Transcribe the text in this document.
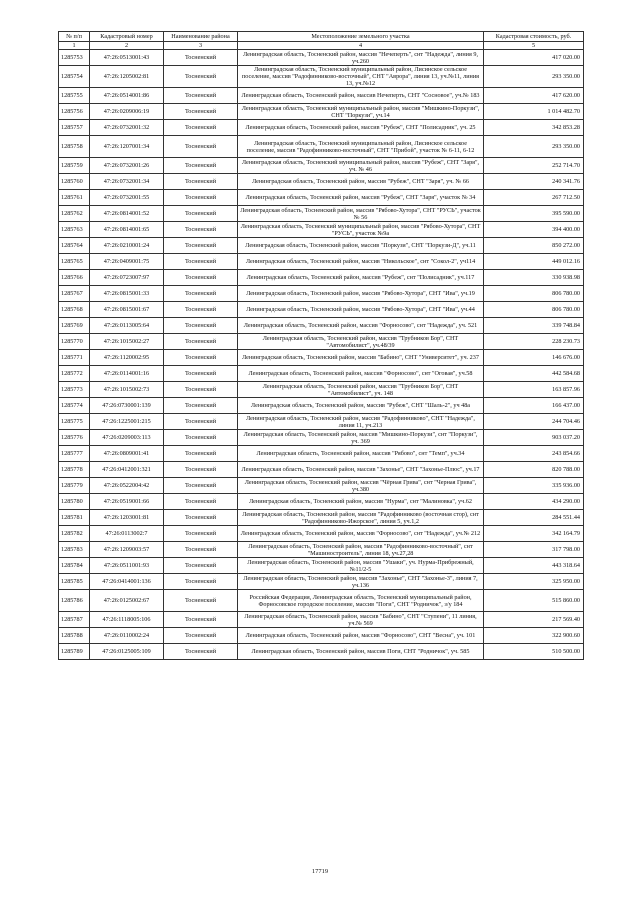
№ п/п	Кадастровый номер	Наименование района	Местоположение земельного участка	Кадастровая стоимость, руб.
1	2	3	4	5
1285753	47:26:0513001:43	Тосненский	Ленинградская область, Тосненский район, массив "Нечеперть", снт "Надежда", линия 9, уч.260	417 020.00
1285754	47:26:1205002:81	Тосненский	Ленинградская область, Тосненский муниципальный район, Лисинское сельское поселение, массив "Радофинниково-восточный", СНТ "Аврора", линия 13, уч.№11, линия 13, уч.№12	293 350.00
1285755	47:26:0514001:86	Тосненский	Ленинградская область, Тосненский район, массив Нечеперть, СНТ "Сосновое", уч.№ 183	417 620.00
1285756	47:26:0209006:19	Тосненский	Ленинградская область, Тосненский муниципальный район, массив "Мишкино-Поркузи", СНТ "Поркузи", уч.14	1 014 482.70
1285757	47:26:0732001:32	Тосненский	Ленинградская область, Тосненский район, массив "Рубеж", СНТ "Полисадник", уч. 25	342 853.28
1285758	47:26:1207001:34	Тосненский	Ленинградская область, Тосненский муниципальный район, Лисинское сельское поселение, массив "Радофинниково-восточный", СНТ "Прибой", участок № 6-11, 6-12	293 350.00
1285759	47:26:0732001:26	Тосненский	Ленинградская область, Тосненский муниципальный район, массив "Рубеж", СНТ "Заря", уч. № 46	252 714.70
1285760	47:26:0732001:34	Тосненский	Ленинградская область, Тосненский район, массив "Рубеж", СНТ "Заря", уч. № 66	240 341.76
1285761	47:26:0732001:55	Тосненский	Ленинградская область, Тосненский район, массив "Рубеж", СНТ "Заря", участок № 34	267 712.50
1285762	47:26:0814001:52	Тосненский	Ленинградская область, Тосненский район, массив "Рябово-Хутора", СНТ "РУСЬ", участок № 56	395 590.00
1285763	47:26:0814001:65	Тосненский	Ленинградская область, Тосненский муниципальный район, массив "Рябово-Хутора", СНТ "РУСЬ", участок №9а	394 400.00
1285764	47:26:0210001:24	Тосненский	Ленинградская область, Тосненский район, массив "Поркузи", СНТ "Поркузи-Д", уч.11	850 272.00
1285765	47:26:0409001:75	Тосненский	Ленинградская область, Тосненский район, массив "Никольское", снт "Сокол-2", уч114	449 012.16
1285766	47:26:0723007:97	Тосненский	Ленинградская область, Тосненский район, массив "Рубеж", снт "Полисадник", уч.117	330 938.98
1285767	47:26:0815001:33	Тосненский	Ленинградская область, Тосненский район, массив "Рябово-Хутора", СНТ "Ива", уч.19	806 780.00
1285768	47:26:0815001:67	Тосненский	Ленинградская область, Тосненский район, массив "Рябово-Хутора", СНТ "Ива", уч.44	806 780.00
1285769	47:26:0113005:64	Тосненский	Ленинградская область, Тосненский район, массив "Форносово", снт "Надежда", уч. 521	339 748.84
1285770	47:26:1015002:27	Тосненский	Ленинградская область, Тосненский район, массив "Трубников Бор", СНТ "Автомобилист", уч.48/39	228 230.73
1285771	47:26:1120002:95	Тосненский	Ленинградская область, Тосненский район, массив "Бабино", СНТ "Университет", уч. 237	146 676.00
1285772	47:26:0114001:16	Тосненский	Ленинградская область, Тосненский район, массив "Форносово", снт "Оговая", уч.58	442 584.68
1285773	47:26:1015002:73	Тосненский	Ленинградская область, Тосненский район, массив "Трубников Бор", СНТ "Автомобилист", уч. 148	163 857.96
1285774	47:26:0730001:139	Тосненский	Ленинградская область, Тосненский район, массив "Рубеж", СНТ "Шаль-2", уч 48а	166 437.00
1285775	47:26:1225001:215	Тосненский	Ленинградская область, Тосненский район, массив "Радофинниково", СНТ "Надежда", линия 11, уч.213	244 704.46
1285776	47:26:0209003:113	Тосненский	Ленинградская область, Тосненский район, массив "Мишкино-Поркузи", снт "Поркузи", уч. 369	903 037.20
1285777	47:26:0809001:41	Тосненский	Ленинградская область, Тосненский район, массив "Рябово", снт "Темп", уч.34	243 854.66
1285778	47:26:0412001:321	Тосненский	Ленинградская область, Тосненский район, массив "Захонье", СНТ "Захонье-Плюс", уч.17	820 788.00
1285779	47:26:0522004:42	Тосненский	Ленинградская область, Тосненский район, массив "Чёрная Грива", снт "Черная Грива", уч.380	335 936.00
1285780	47:26:0519001:66	Тосненский	Ленинградская область, Тосненский район, массив "Нурма", снт "Малиновка", уч.62	434 290.00
1285781	47:26:1203001:81	Тосненский	Ленинградская область, Тосненский район, массив "Радофинниково (восточная стор), снт "Радофинниково-Ижорское", линия 5, уч.1,2	284 551.44
1285782	47:26:0113002:7	Тосненский	Ленинградская область, Тосненский район, массив "Форносово", снт "Надежда", уч.№ 212	342 164.79
1285783	47:26:1209003:57	Тосненский	Ленинградская область, Тосненский район, массив "Радофинниково-восточный", снт "Машиностроитель", линия 18, уч.27,28	317 798.00
1285784	47:26:0511001:93	Тосненский	Ленинградская область, Тосненский район, массив "Ушаки", уч. Нурма-Прибрежный, №11/2-5	443 318.64
1285785	47:26:0414001:136	Тосненский	Ленинградская область, Тосненский район, массив "Захонье", СНТ "Захонье-3", линия 7, уч.136	325 950.00
1285786	47:26:0125002:67	Тосненский	Российская Федерация, Ленинградская область, Тосненский муниципальный район, Форносовское городское поселение, массив "Поги", СНТ "Родничок", з/у 184	515 860.00
1285787	47:26:1118005:106	Тосненский	Ленинградская область, Тосненский район, массив "Бабино", СНТ "Ступени", 11 линия, уч.№ 569	217 569.40
1285788	47:26:0110002:24	Тосненский	Ленинградская область, Тосненский район, массив "Форносово", СНТ "Весна", уч. 101	322 900.60
1285789	47:26:0125005:109	Тосненский	Ленинградская область, Тосненский район, массив Поги, СНТ "Родничок", уч. 585	510 500.00
17719
